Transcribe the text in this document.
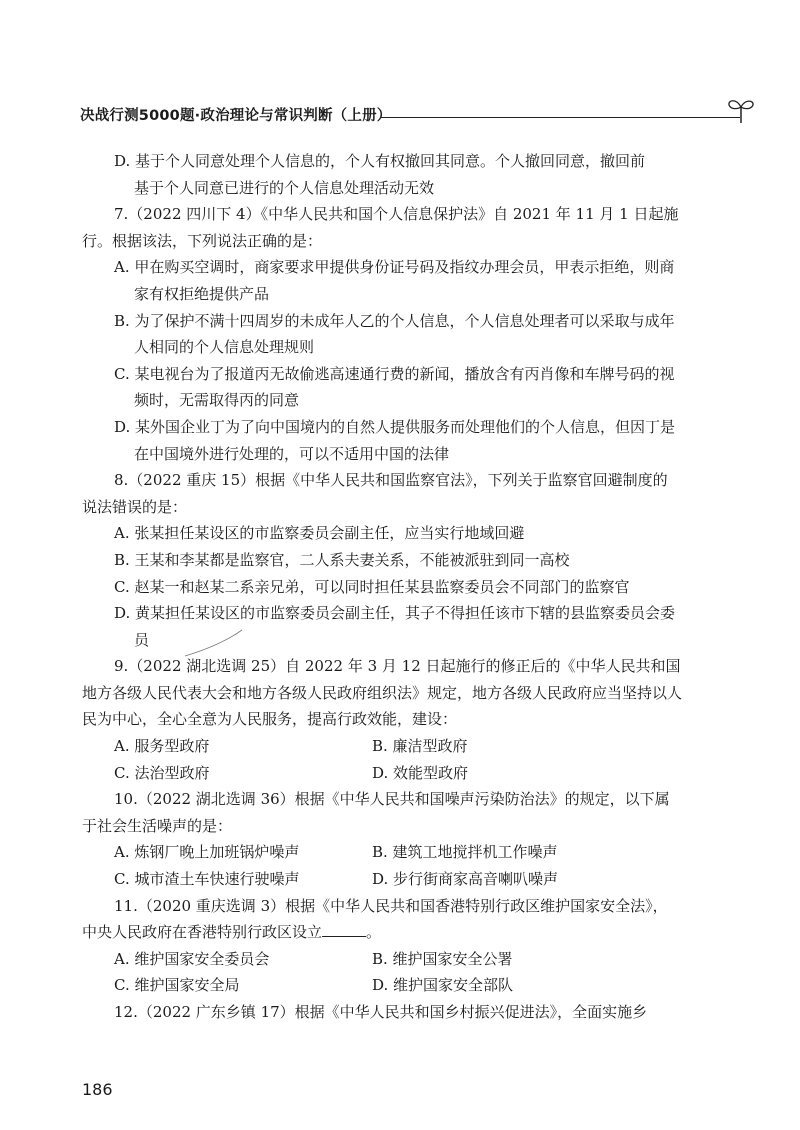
决战行测5000题·政治理论与常识判断（上册）

D. 基于个人同意处理个人信息的，个人有权撤回其同意。个人撤回同意，撤回前
基于个人同意已进行的个人信息处理活动无效

7.（2022 四川下 4）《中华人民共和国个人信息保护法》自 2021 年 11 月 1 日起施行。根据该法，下列说法正确的是：

A. 甲在购买空调时，商家要求甲提供身份证号码及指纹办理会员，甲表示拒绝，则商家有权拒绝提供产品

B. 为了保护不满十四周岁的未成年人乙的个人信息，个人信息处理者可以采取与成年人相同的个人信息处理规则

C. 某电视台为了报道丙无故偷逃高速通行费的新闻，播放含有丙肖像和车牌号码的视频时，无需取得丙的同意

D. 某外国企业丁为了向中国境内的自然人提供服务而处理他们的个人信息，但因丁是在中国境外进行处理的，可以不适用中国的法律

8.（2022 重庆 15）根据《中华人民共和国监察官法》，下列关于监察官回避制度的说法错误的是：

A. 张某担任某设区的市监察委员会副主任，应当实行地域回避

B. 王某和李某都是监察官，二人系夫妻关系，不能被派驻到同一高校

C. 赵某一和赵某二系亲兄弟，可以同时担任某县监察委员会不同部门的监察官

D. 黄某担任某设区的市监察委员会副主任，其子不得担任该市下辖的县监察委员会委员

9.（2022 湖北选调 25）自 2022 年 3 月 12 日起施行的修正后的《中华人民共和国地方各级人民代表大会和地方各级人民政府组织法》规定，地方各级人民政府应当坚持以人民为中心，全心全意为人民服务，提高行政效能，建设：

A. 服务型政府	B. 廉洁型政府
C. 法治型政府	D. 效能型政府

10.（2022 湖北选调 36）根据《中华人民共和国噪声污染防治法》的规定，以下属于社会生活噪声的是：

A. 炼钢厂晚上加班锅炉噪声	B. 建筑工地搅拌机工作噪声
C. 城市渣土车快速行驶噪声	D. 步行街商家高音喇叭噪声

11.（2020 重庆选调 3）根据《中华人民共和国香港特别行政区维护国家安全法》，中央人民政府在香港特别行政区设立	。

A. 维护国家安全委员会	B. 维护国家安全公署
C. 维护国家安全局	D. 维护国家安全部队

12.（2022 广东乡镇 17）根据《中华人民共和国乡村振兴促进法》，全面实施乡

186
